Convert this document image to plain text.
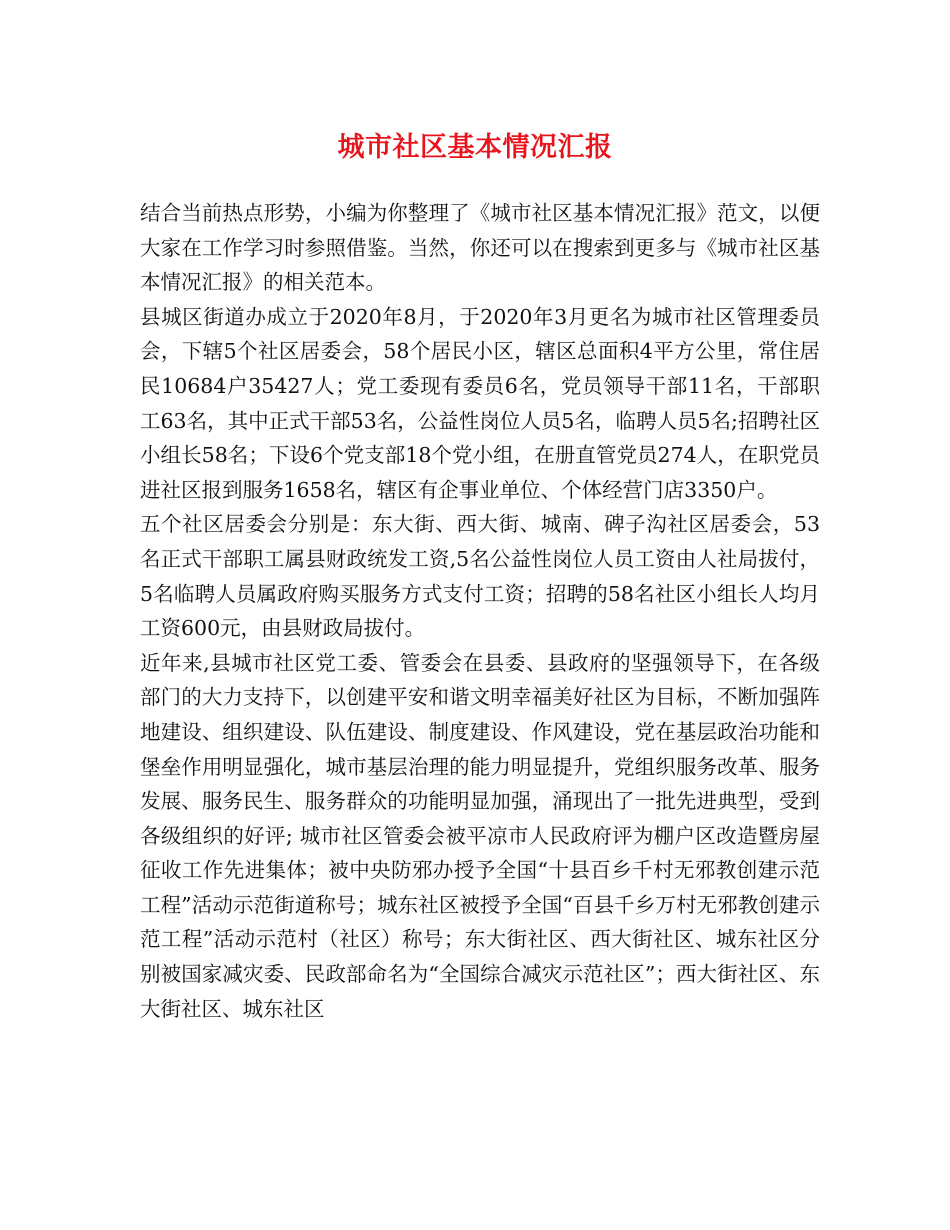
城市社区基本情况汇报

结合当前热点形势，小编为你整理了《城市社区基本情况汇报》范文，以便大家在工作学习时参照借鉴。当然，你还可以在搜索到更多与《城市社区基本情况汇报》的相关范本。

县城区街道办成立于2020年8月，于2020年3月更名为城市社区管理委员会，下辖5个社区居委会，58个居民小区，辖区总面积4平方公里，常住居民10684户35427人；党工委现有委员6名，党员领导干部11名，干部职工63名，其中正式干部53名，公益性岗位人员5名，临聘人员5名;招聘社区小组长58名；下设6个党支部18个党小组，在册直管党员274人，在职党员进社区报到服务1658名，辖区有企事业单位、个体经营门店3350户。

五个社区居委会分别是：东大街、西大街、城南、碑子沟社区居委会，53名正式干部职工属县财政统发工资,5名公益性岗位人员工资由人社局拔付，5名临聘人员属政府购买服务方式支付工资；招聘的58名社区小组长人均月工资600元，由县财政局拔付。

近年来,县城市社区党工委、管委会在县委、县政府的坚强领导下，在各级部门的大力支持下，以创建平安和谐文明幸福美好社区为目标，不断加强阵地建设、组织建设、队伍建设、制度建设、作风建设，党在基层政治功能和堡垒作用明显强化，城市基层治理的能力明显提升，党组织服务改革、服务发展、服务民生、服务群众的功能明显加强，涌现出了一批先进典型，受到各级组织的好评; 城市社区管委会被平凉市人民政府评为棚户区改造暨房屋征收工作先进集体；被中央防邪办授予全国“十县百乡千村无邪教创建示范工程”活动示范街道称号；城东社区被授予全国“百县千乡万村无邪教创建示范工程”活动示范村（社区）称号；东大街社区、西大街社区、城东社区分别被国家减灾委、民政部命名为“全国综合减灾示范社区”；西大街社区、东大街社区、城东社区
